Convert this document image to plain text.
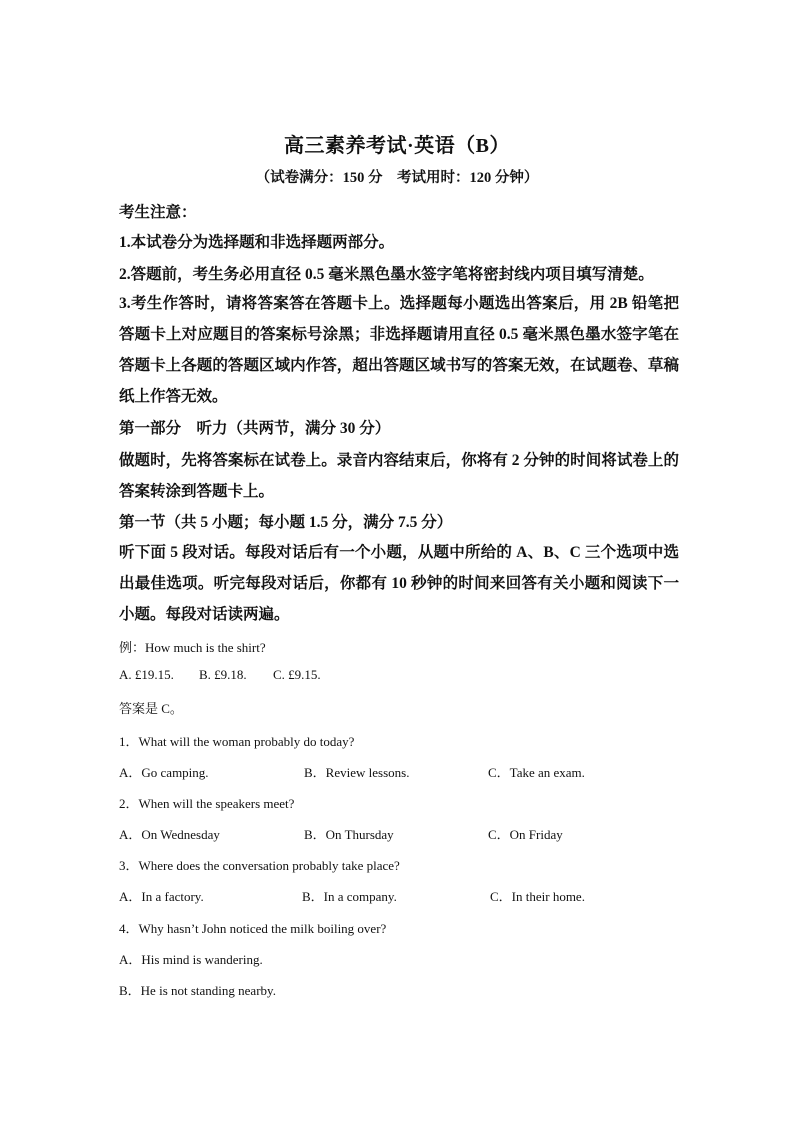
高三素养考试·英语（B）
（试卷满分：150 分　考试用时：120 分钟）
考生注意：
1.本试卷分为选择题和非选择题两部分。
2.答题前，考生务必用直径 0.5 毫米黑色墨水签字笔将密封线内项目填写清楚。
3.考生作答时，请将答案答在答题卡上。选择题每小题选出答案后，用 2B 铅笔把答题卡上对应题目的答案标号涂黑；非选择题请用直径 0.5 毫米黑色墨水签字笔在答题卡上各题的答题区域内作答，超出答题区域书写的答案无效，在试题卷、草稿纸上作答无效。
第一部分　听力（共两节，满分 30 分）
做题时，先将答案标在试卷上。录音内容结束后，你将有 2 分钟的时间将试卷上的答案转涂到答题卡上。
第一节（共 5 小题；每小题 1.5 分，满分 7.5 分）
听下面 5 段对话。每段对话后有一个小题，从题中所给的 A、B、C 三个选项中选出最佳选项。听完每段对话后，你都有 10 秒钟的时间来回答有关小题和阅读下一小题。每段对话读两遍。
例：How much is the shirt?
A. £19.15. B. £9.18. C. £9.15.
答案是 C。
1．What will the woman probably do today?
A．Go camping.	B．Review lessons.	C．Take an exam.
2．When will the speakers meet?
A．On Wednesday	B．On Thursday	C．On Friday
3．Where does the conversation probably take place?
A．In a factory.	B．In a company.	C．In their home.
4．Why hasn’t John noticed the milk boiling over?
A．His mind is wandering.
B．He is not standing nearby.
